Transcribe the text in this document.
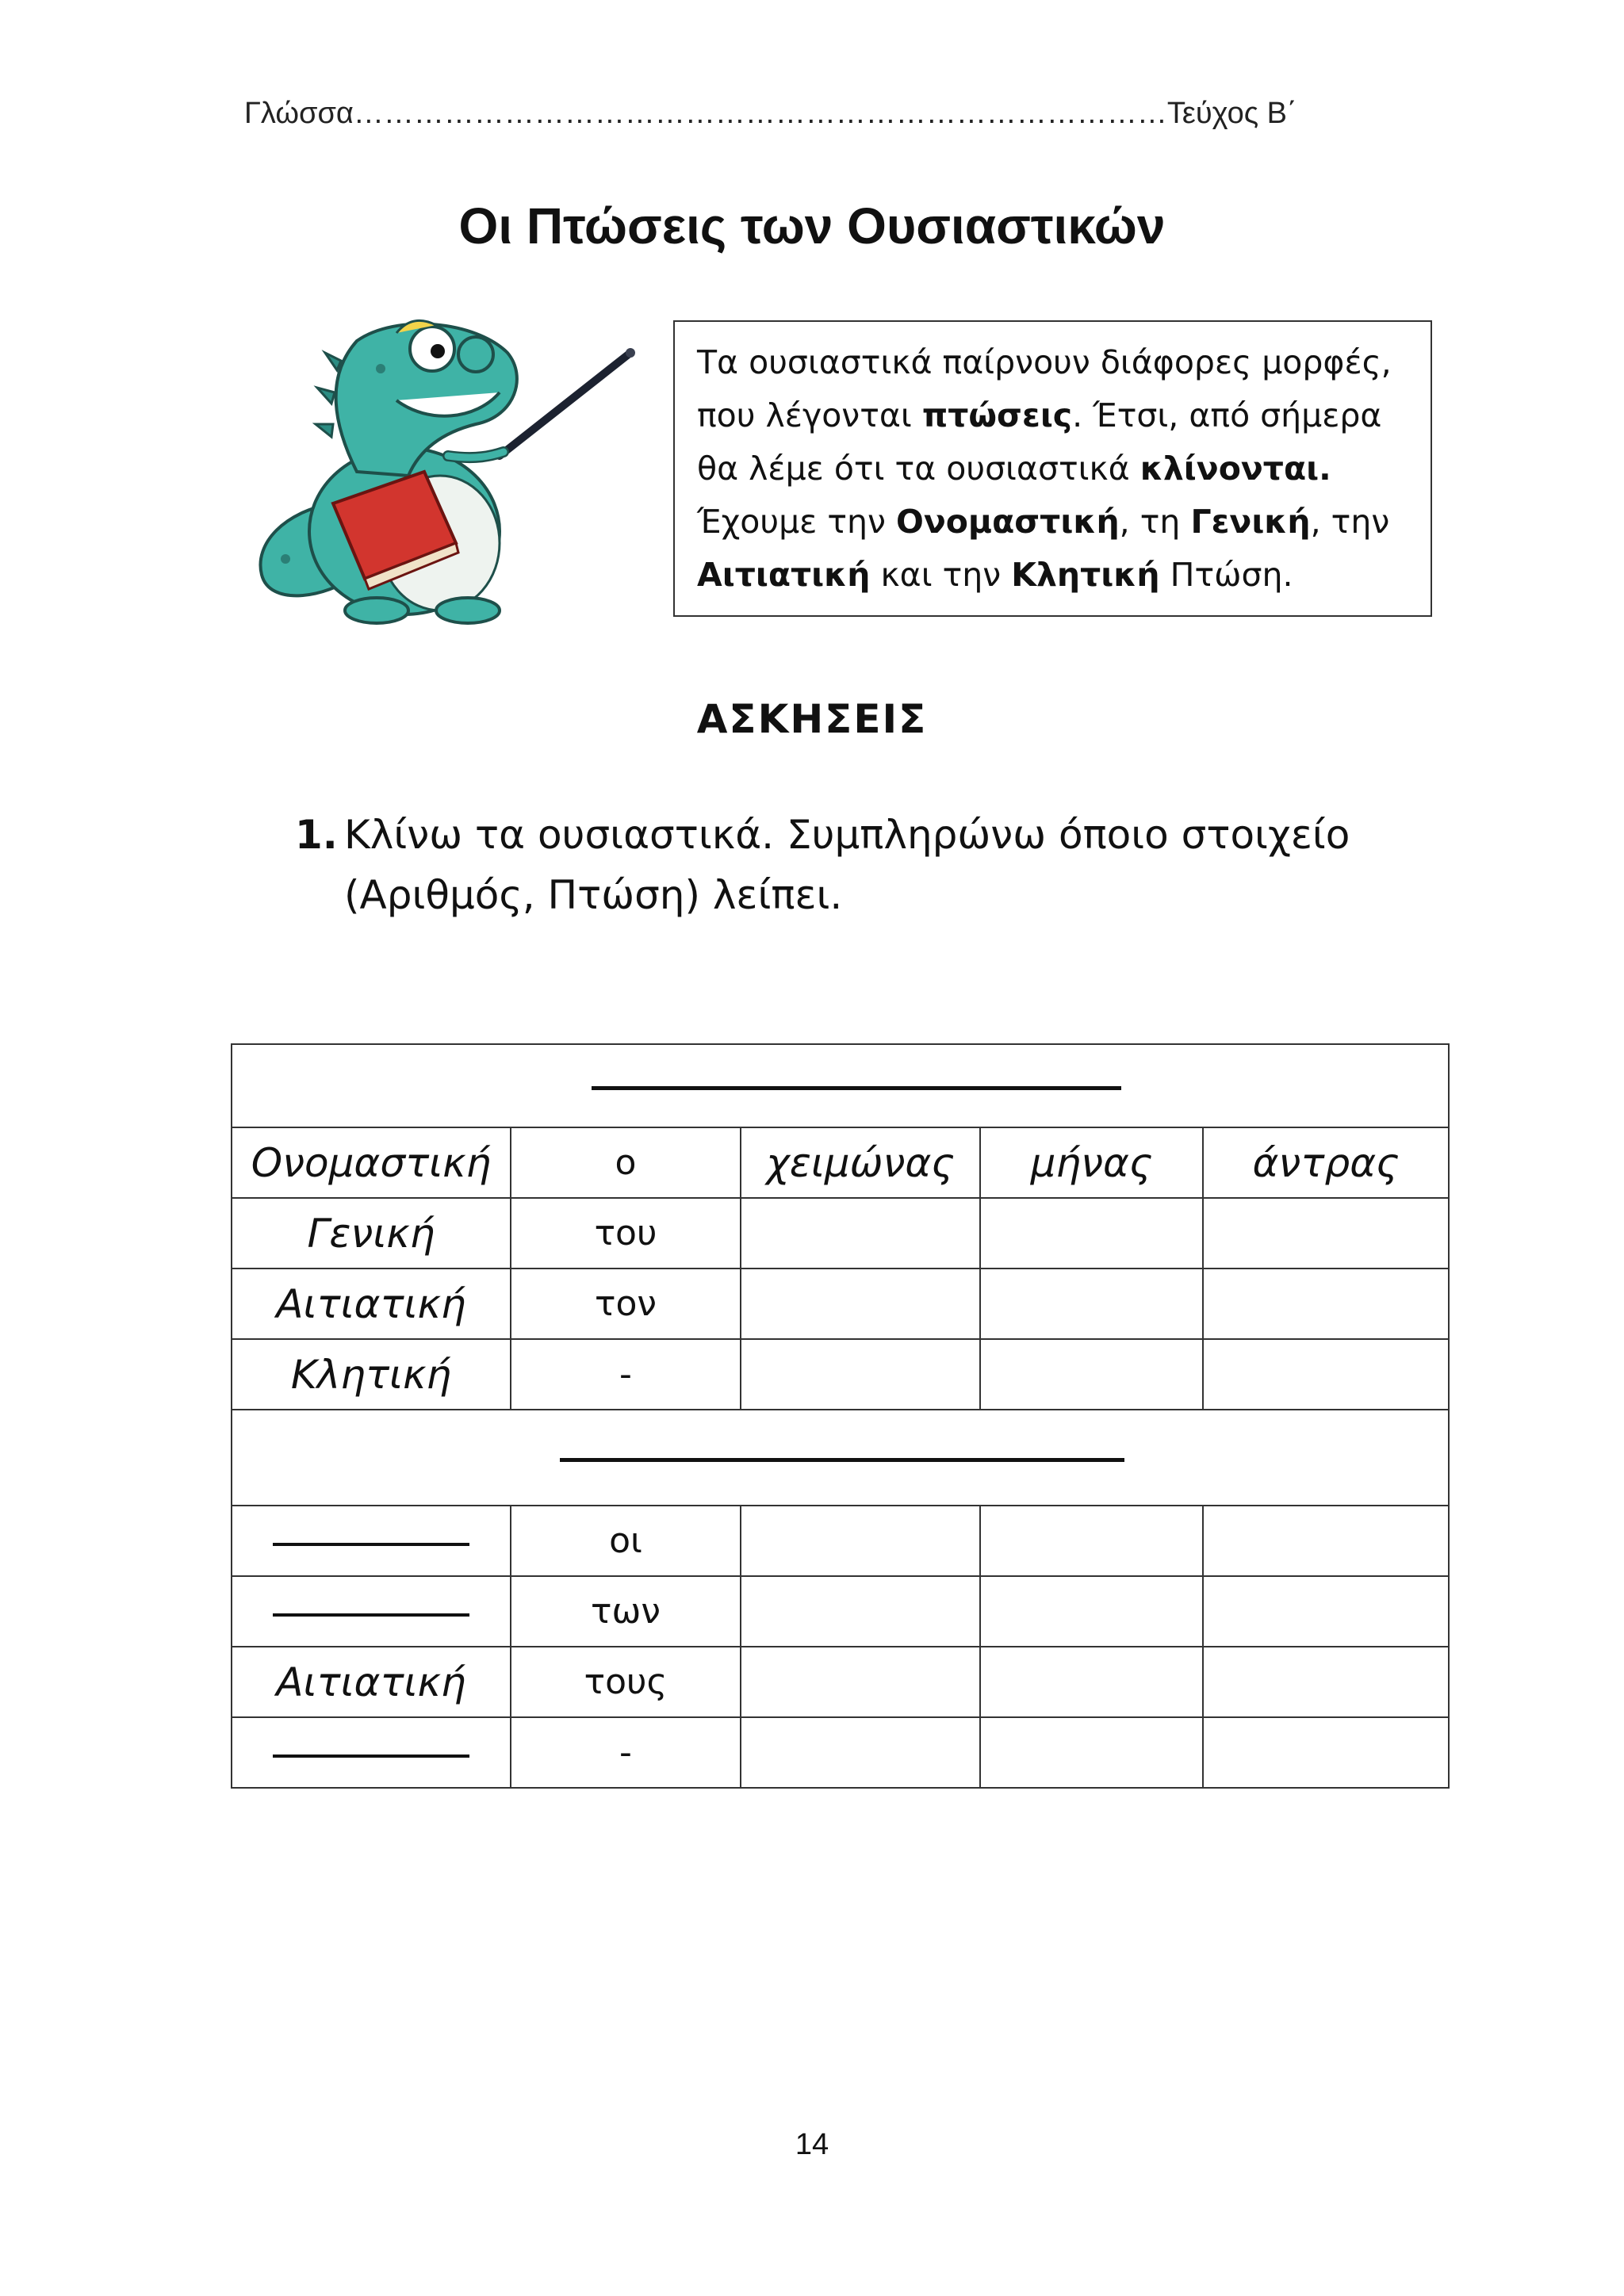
Γλώσσα………………………………………………………………………Τεύχος Β΄
Οι Πτώσεις των Ουσιαστικών
Τα ουσιαστικά παίρνουν διάφορες μορφές, που λέγονται πτώσεις. Έτσι, από σήμερα θα λέμε ότι τα ουσιαστικά κλίνονται. Έχουμε την Ονομαστική, τη Γενική, την Αιτιατική και την Κλητική Πτώση.
ΑΣΚΗΣΕΙΣ
1. Κλίνω τα ουσιαστικά. Συμπληρώνω όποιο στοιχείο
(Αριθμός, Πτώση) λείπει.

Ονομαστική	ο	χειμώνας	μήνας	άντρας
Γενική	του			
Αιτιατική	τον			
Κλητική	-			

	οι			
	των			
Αιτιατική	τους			
	-			
14
